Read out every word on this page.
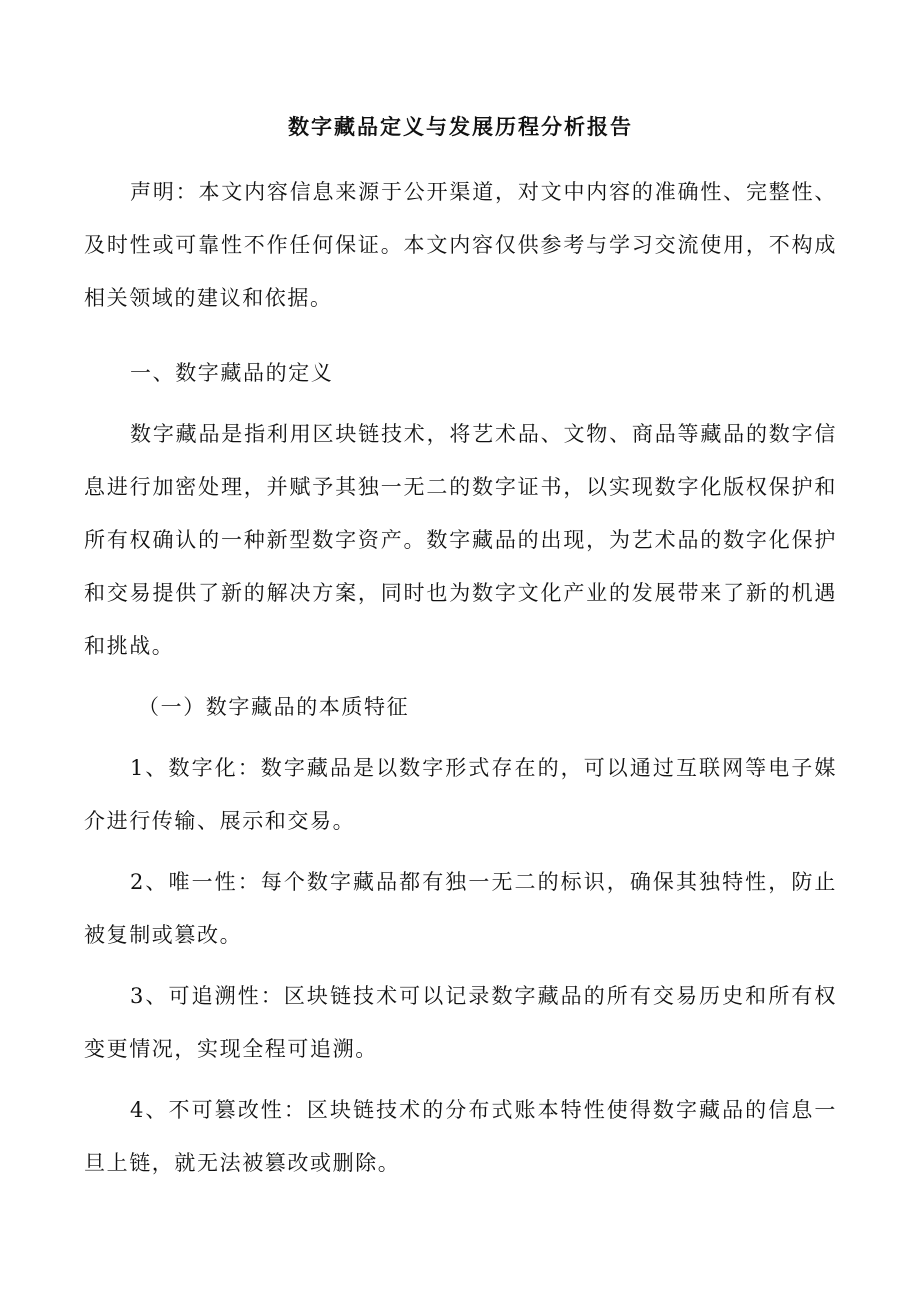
数字藏品定义与发展历程分析报告

声明：本文内容信息来源于公开渠道，对文中内容的准确性、完整性、及时性或可靠性不作任何保证。本文内容仅供参考与学习交流使用，不构成相关领域的建议和依据。

一、数字藏品的定义

数字藏品是指利用区块链技术，将艺术品、文物、商品等藏品的数字信息进行加密处理，并赋予其独一无二的数字证书，以实现数字化版权保护和所有权确认的一种新型数字资产。数字藏品的出现，为艺术品的数字化保护和交易提供了新的解决方案，同时也为数字文化产业的发展带来了新的机遇和挑战。

（一）数字藏品的本质特征

1、数字化：数字藏品是以数字形式存在的，可以通过互联网等电子媒介进行传输、展示和交易。

2、唯一性：每个数字藏品都有独一无二的标识，确保其独特性，防止被复制或篡改。

3、可追溯性：区块链技术可以记录数字藏品的所有交易历史和所有权变更情况，实现全程可追溯。

4、不可篡改性：区块链技术的分布式账本特性使得数字藏品的信息一旦上链，就无法被篡改或删除。
